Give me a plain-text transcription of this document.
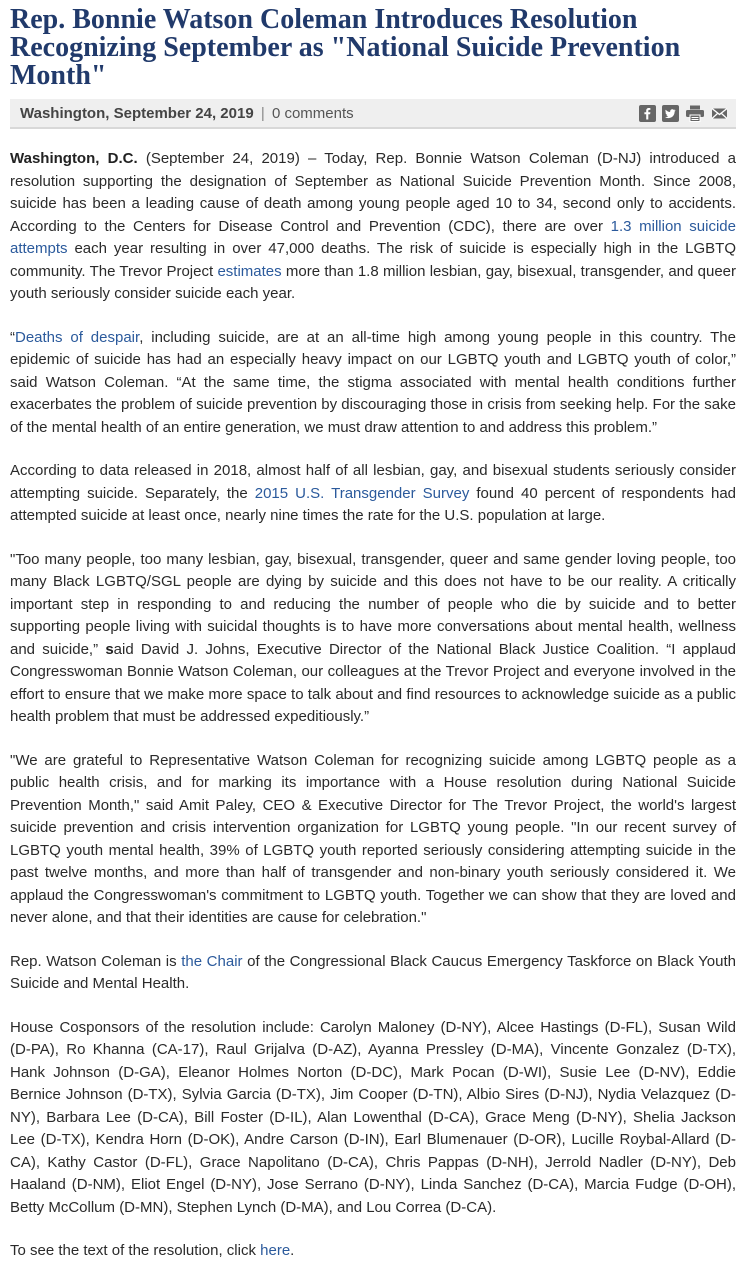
Rep. Bonnie Watson Coleman Introduces Resolution Recognizing September as "National Suicide Prevention Month"
Washington, September 24, 2019 | 0 comments

Washington, D.C. (September 24, 2019) – Today, Rep. Bonnie Watson Coleman (D-NJ) introduced a resolution supporting the designation of September as National Suicide Prevention Month. Since 2008, suicide has been a leading cause of death among young people aged 10 to 34, second only to accidents. According to the Centers for Disease Control and Prevention (CDC), there are over 1.3 million suicide attempts each year resulting in over 47,000 deaths. The risk of suicide is especially high in the LGBTQ community. The Trevor Project estimates more than 1.8 million lesbian, gay, bisexual, transgender, and queer youth seriously consider suicide each year.

“Deaths of despair, including suicide, are at an all-time high among young people in this country. The epidemic of suicide has had an especially heavy impact on our LGBTQ youth and LGBTQ youth of color,” said Watson Coleman. “At the same time, the stigma associated with mental health conditions further exacerbates the problem of suicide prevention by discouraging those in crisis from seeking help. For the sake of the mental health of an entire generation, we must draw attention to and address this problem.”

According to data released in 2018, almost half of all lesbian, gay, and bisexual students seriously consider attempting suicide. Separately, the 2015 U.S. Transgender Survey found 40 percent of respondents had attempted suicide at least once, nearly nine times the rate for the U.S. population at large.

"Too many people, too many lesbian, gay, bisexual, transgender, queer and same gender loving people, too many Black LGBTQ/SGL people are dying by suicide and this does not have to be our reality. A critically important step in responding to and reducing the number of people who die by suicide and to better supporting people living with suicidal thoughts is to have more conversations about mental health, wellness and suicide,” said David J. Johns, Executive Director of the National Black Justice Coalition. “I applaud Congresswoman Bonnie Watson Coleman, our colleagues at the Trevor Project and everyone involved in the effort to ensure that we make more space to talk about and find resources to acknowledge suicide as a public health problem that must be addressed expeditiously.”

"We are grateful to Representative Watson Coleman for recognizing suicide among LGBTQ people as a public health crisis, and for marking its importance with a House resolution during National Suicide Prevention Month," said Amit Paley, CEO & Executive Director for The Trevor Project, the world's largest suicide prevention and crisis intervention organization for LGBTQ young people. "In our recent survey of LGBTQ youth mental health, 39% of LGBTQ youth reported seriously considering attempting suicide in the past twelve months, and more than half of transgender and non-binary youth seriously considered it. We applaud the Congresswoman's commitment to LGBTQ youth. Together we can show that they are loved and never alone, and that their identities are cause for celebration."

Rep. Watson Coleman is the Chair of the Congressional Black Caucus Emergency Taskforce on Black Youth Suicide and Mental Health.

House Cosponsors of the resolution include: Carolyn Maloney (D-NY), Alcee Hastings (D-FL), Susan Wild (D-PA), Ro Khanna (CA-17), Raul Grijalva (D-AZ), Ayanna Pressley (D-MA), Vincente Gonzalez (D-TX), Hank Johnson (D-GA), Eleanor Holmes Norton (D-DC), Mark Pocan (D-WI), Susie Lee (D-NV), Eddie Bernice Johnson (D-TX), Sylvia Garcia (D-TX), Jim Cooper (D-TN), Albio Sires (D-NJ), Nydia Velazquez (D-NY), Barbara Lee (D-CA), Bill Foster (D-IL), Alan Lowenthal (D-CA), Grace Meng (D-NY), Shelia Jackson Lee (D-TX), Kendra Horn (D-OK), Andre Carson (D-IN), Earl Blumenauer (D-OR), Lucille Roybal-Allard (D-CA), Kathy Castor (D-FL), Grace Napolitano (D-CA), Chris Pappas (D-NH), Jerrold Nadler (D-NY), Deb Haaland (D-NM), Eliot Engel (D-NY), Jose Serrano (D-NY), Linda Sanchez (D-CA), Marcia Fudge (D-OH), Betty McCollum (D-MN), Stephen Lynch (D-MA), and Lou Correa (D-CA).

To see the text of the resolution, click here.
